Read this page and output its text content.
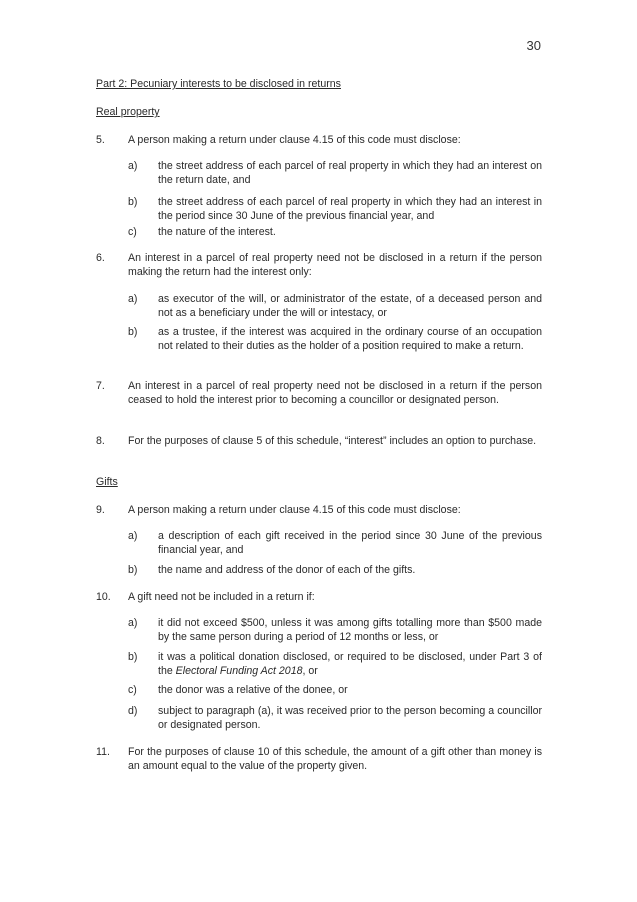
30
Part 2: Pecuniary interests to be disclosed in returns
Real property
5. A person making a return under clause 4.15 of this code must disclose:
a) the street address of each parcel of real property in which they had an interest on the return date, and
b) the street address of each parcel of real property in which they had an interest in the period since 30 June of the previous financial year, and
c) the nature of the interest.
6. An interest in a parcel of real property need not be disclosed in a return if the person making the return had the interest only:
a) as executor of the will, or administrator of the estate, of a deceased person and not as a beneficiary under the will or intestacy, or
b) as a trustee, if the interest was acquired in the ordinary course of an occupation not related to their duties as the holder of a position required to make a return.
7. An interest in a parcel of real property need not be disclosed in a return if the person ceased to hold the interest prior to becoming a councillor or designated person.
8. For the purposes of clause 5 of this schedule, “interest” includes an option to purchase.
Gifts
9. A person making a return under clause 4.15 of this code must disclose:
a) a description of each gift received in the period since 30 June of the previous financial year, and
b) the name and address of the donor of each of the gifts.
10. A gift need not be included in a return if:
a) it did not exceed $500, unless it was among gifts totalling more than $500 made by the same person during a period of 12 months or less, or
b) it was a political donation disclosed, or required to be disclosed, under Part 3 of the Electoral Funding Act 2018, or
c) the donor was a relative of the donee, or
d) subject to paragraph (a), it was received prior to the person becoming a councillor or designated person.
11. For the purposes of clause 10 of this schedule, the amount of a gift other than money is an amount equal to the value of the property given.
